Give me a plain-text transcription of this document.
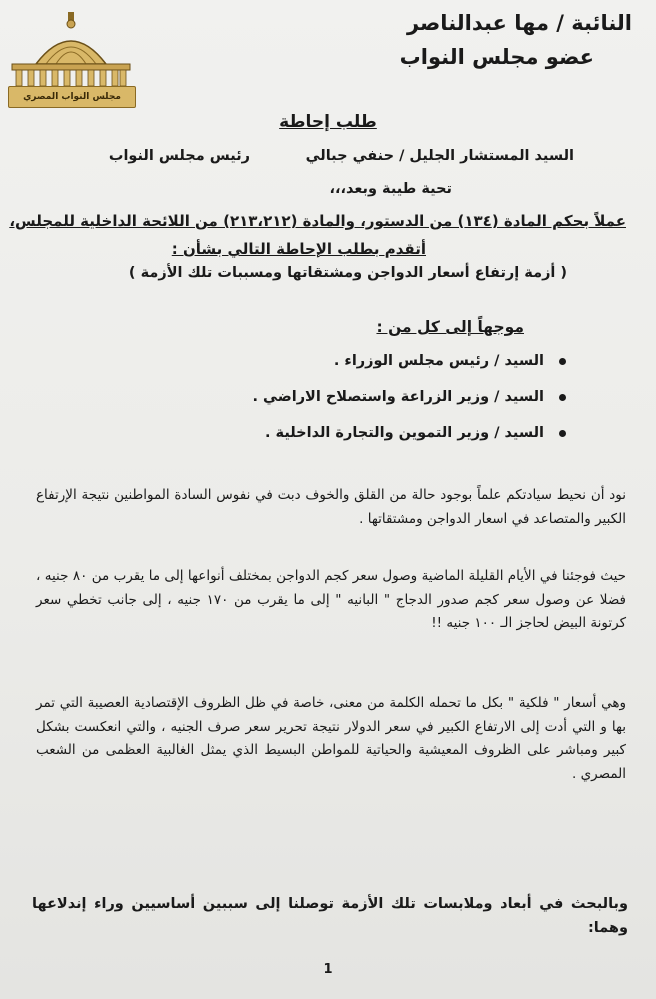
النائبة / مها عبدالناصر

عضو مجلس النواب

مجلس النواب المصري
طلب إحاطة
السيد المستشار الجليل / حنفي جبالي
رئيس مجلس النواب
تحية طيبة وبعد،،،
عملاً بحكم المادة (١٣٤) من الدستور، والمادة (٢١٣،٢١٢) من اللائحة الداخلية للمجلس،
أتقدم بطلب الإحاطة التالي بشأن :
( أزمة إرتفاع أسعار الدواجن ومشتقاتها ومسببات تلك الأزمة )
موجهاً إلى كل من :
السيد / رئيس مجلس الوزراء .
السيد / وزير الزراعة واستصلاح الاراضي .
السيد / وزير التموين والتجارة الداخلية .

نود أن نحيط سيادتكم علماً بوجود حالة من القلق والخوف دبت في نفوس السادة المواطنين نتيجة الإرتفاع الكبير والمتصاعد في اسعار الدواجن ومشتقاتها .

حيث فوجئنا في الأيام القليلة الماضية وصول سعر كجم الدواجن بمختلف أنواعها إلى ما يقرب من ٨٠ جنيه ، فضلا عن وصول سعر كجم صدور الدجاج " البانيه " إلى ما يقرب من ١٧٠ جنيه ، إلى جانب تخطي سعر كرتونة البيض لحاجز الـ ١٠٠ جنيه !!

وهي أسعار " فلكية " بكل ما تحمله الكلمة من معنى، خاصة في ظل الظروف الإقتصادية العصيبة التي تمر بها و التي أدت إلى الارتفاع الكبير في سعر الدولار نتيجة تحرير سعر صرف الجنيه ، والتي انعكست بشكل كبير ومباشر على الظروف المعيشية والحياتية للمواطن البسيط الذي يمثل الغالبية العظمى من الشعب المصري .

وبالبحث في أبعاد وملابسات تلك الأزمة توصلنا إلى سببين أساسيين وراء إندلاعها وهما:

1
